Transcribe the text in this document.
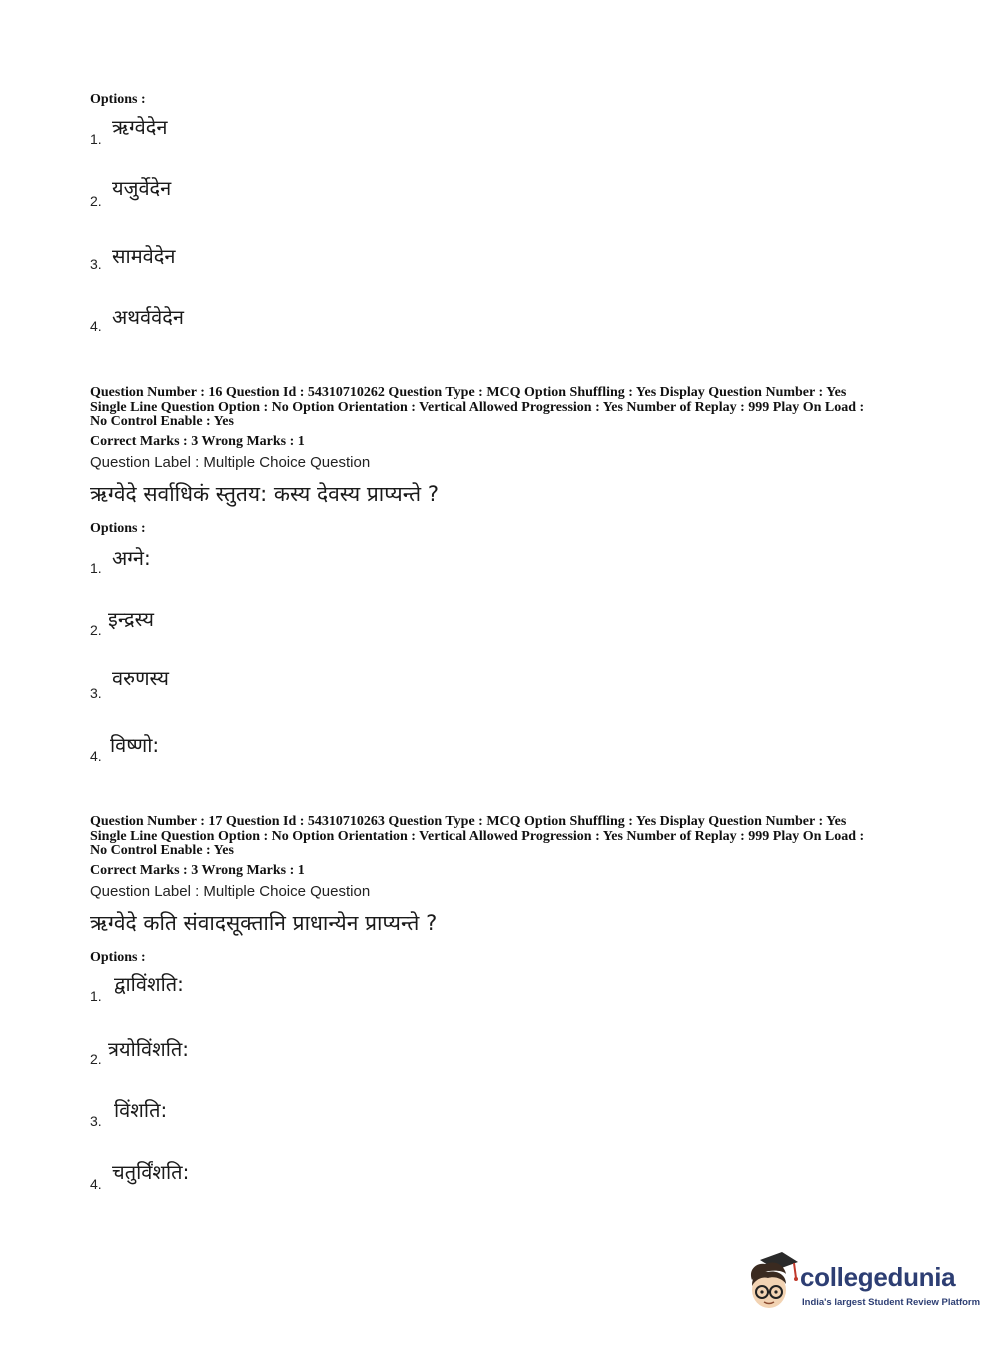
Options :
1. ऋग्वेदेन
2.
यजुर्वेदेन
3. सामवेदेन
4. अथर्ववेदेन
Question Number : 16 Question Id : 54310710262 Question Type : MCQ Option Shuffling : Yes Display Question Number : Yes
Single Line Question Option : No Option Orientation : Vertical Allowed Progression : Yes Number of Replay : 999 Play On Load :
No Control Enable : Yes
Correct Marks : 3 Wrong Marks : 1
Question Label : Multiple Choice Question
ऋग्वेदे सर्वाधिकं स्तुतय: कस्य देवस्य प्राप्यन्ते ?
Options :
1. अग्ने:
2. इन्द्रस्य
3.
वरुणस्य
4. विष्णो:
Question Number : 17 Question Id : 54310710263 Question Type : MCQ Option Shuffling : Yes Display Question Number : Yes
Single Line Question Option : No Option Orientation : Vertical Allowed Progression : Yes Number of Replay : 999 Play On Load :
No Control Enable : Yes
Correct Marks : 3 Wrong Marks : 1
Question Label : Multiple Choice Question
ऋग्वेदे कति संवादसूक्तानि प्राधान्येन प्राप्यन्ते ?
Options :
1. द्वाविंशति:
2. त्रयोविंशति:
3. विंशति:
4. चतुर्विंशति:
collegedunia
India's largest Student Review Platform
